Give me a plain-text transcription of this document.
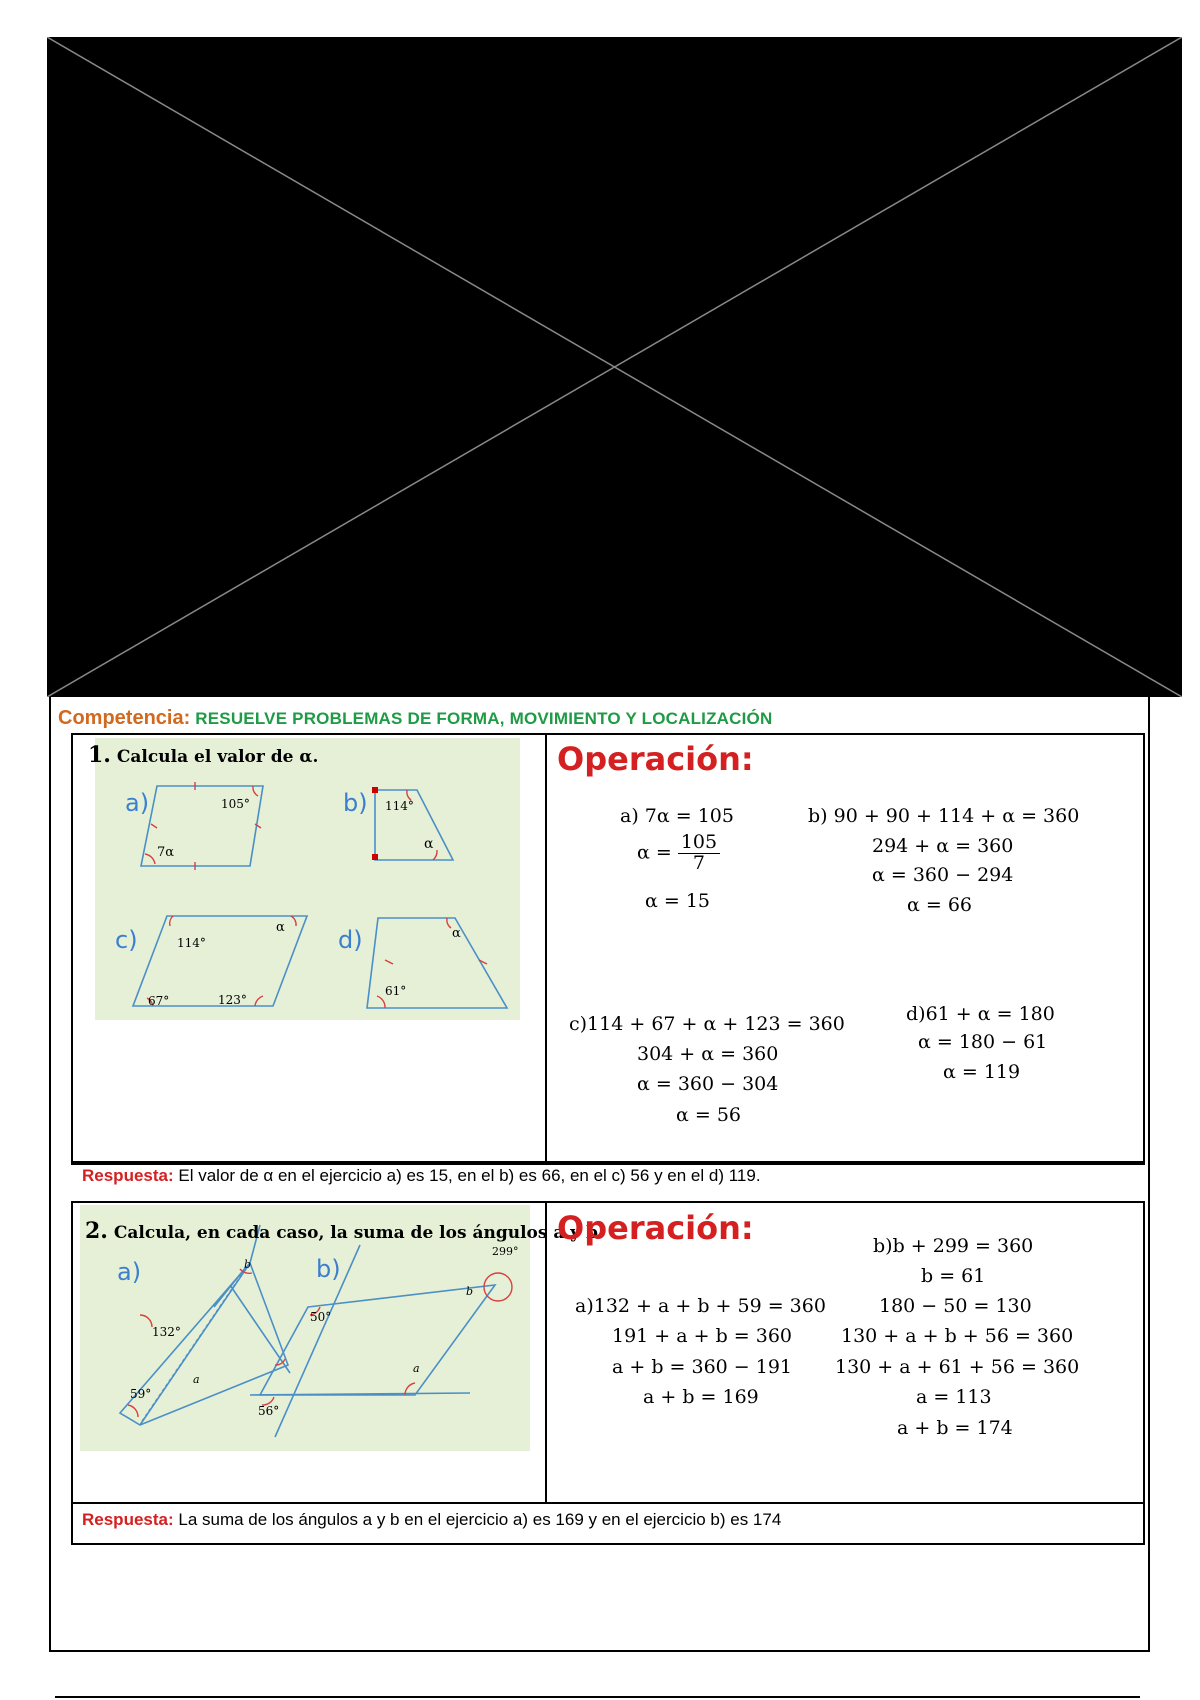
Competencia: RESUELVE PROBLEMAS DE FORMA, MOVIMIENTO Y LOCALIZACIÓN
1. Calcula el valor de α.
a)	b)
c)	d)
105°
7α
114°
α
114°
α
67°	123°
α
61°
Operación:
a) 7α = 105
$\alpha = \frac{105}{7}$
α = 15
b) 90 + 90 + 114 + α = 360
294 + α = 360
α = 360 − 294
α = 66
c)114 + 67 + α + 123 = 360
304 + α = 360
α = 360 − 304
α = 56
d)61 + α = 180
α = 180 − 61
α = 119
Respuesta: El valor de α en el ejercicio a) es 15, en el b) es 66, en el c) 56 y en el d) 119.
2. Calcula, en cada caso, la suma de los ángulos a y b.
a)	b)
b
132°
a
59°
299°
b
50°
a
56°
Operación:	b)b + 299 = 360
b = 61
a)132 + a + b + 59 = 360
191 + a + b = 360
a + b = 360 − 191
a + b = 169
180 − 50 = 130
130 + a + b + 56 = 360
130 + a + 61 + 56 = 360
a = 113
a + b = 174
Respuesta: La suma de los ángulos a y b en el ejercicio a) es 169 y en el ejercicio b) es 174
